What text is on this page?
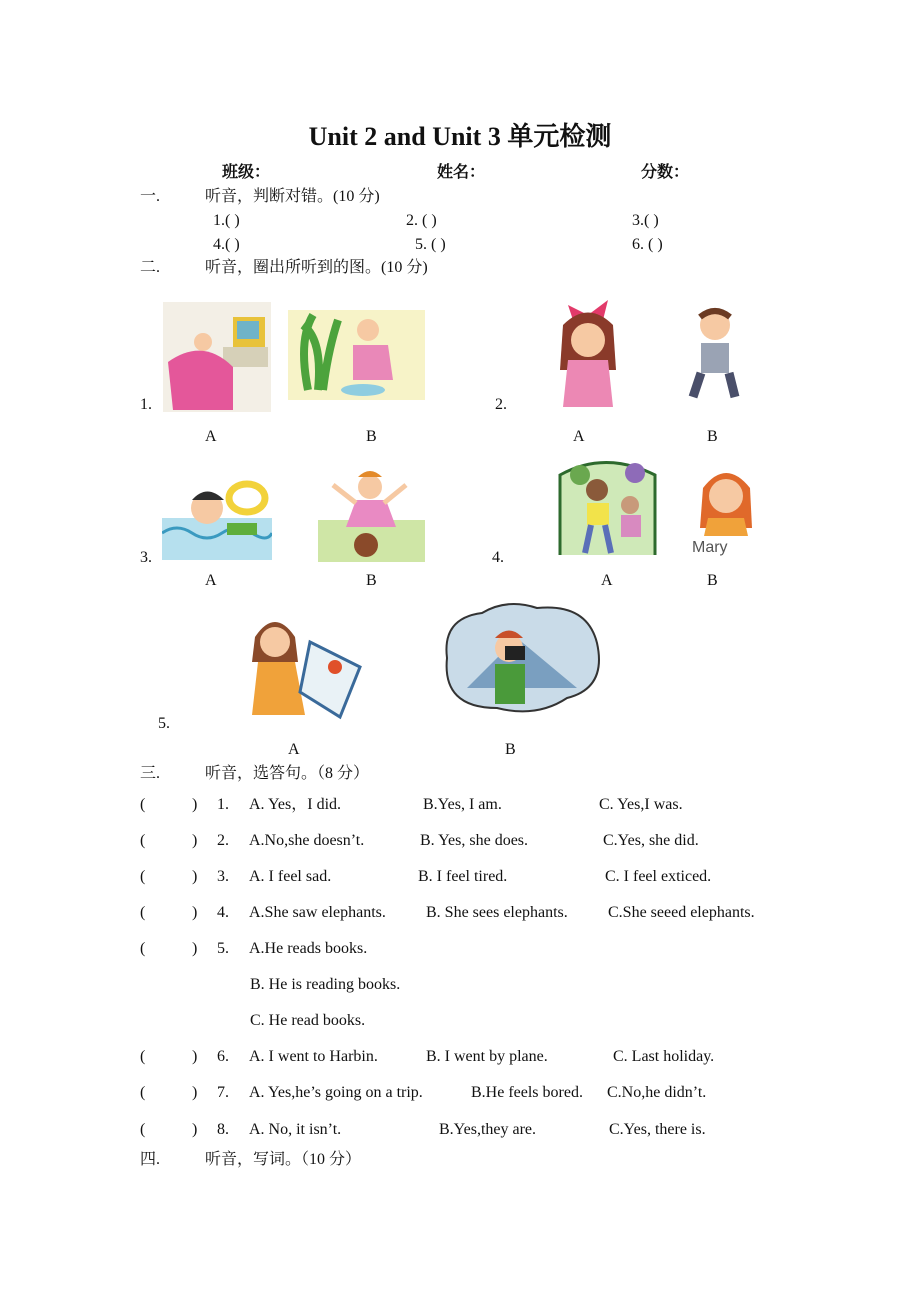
Unit 2 and Unit 3 单元检测
班级：	姓名：	分数：
一.	听音，判断对错。(10 分)
1.( )	2. ( )	3.( )
4.( )	5. ( )	6. ( )
二.	听音，圈出所听到的图。(10 分)
1.
A	B
2.
A	B
3.
A	B
4.
Mary
A	B
5.
A	B
三.	听音，选答句。（8 分）
(	) 1. A. Yes，I did.	B.Yes, I am.	C. Yes,I was.
(	) 2. A.No,she doesn’t.	B. Yes, she does.	C.Yes, she did.
(	) 3. A. I feel sad.	B. I feel tired.	C. I feel exticed.
(	) 4. A.She saw elephants.	B. She sees elephants.	C.She seeed elephants.
(	) 5. A.He reads books.
B. He is reading books.
C. He read books.
(	) 6. A. I went to Harbin.	B. I went by plane.	C. Last holiday.
(	) 7. A. Yes,he’s going on a trip.	B.He feels bored. C.No,he didn’t.
(	) 8. A. No, it isn’t.	B.Yes,they are.	C.Yes, there is.
四.	听音，写词。（10 分）
